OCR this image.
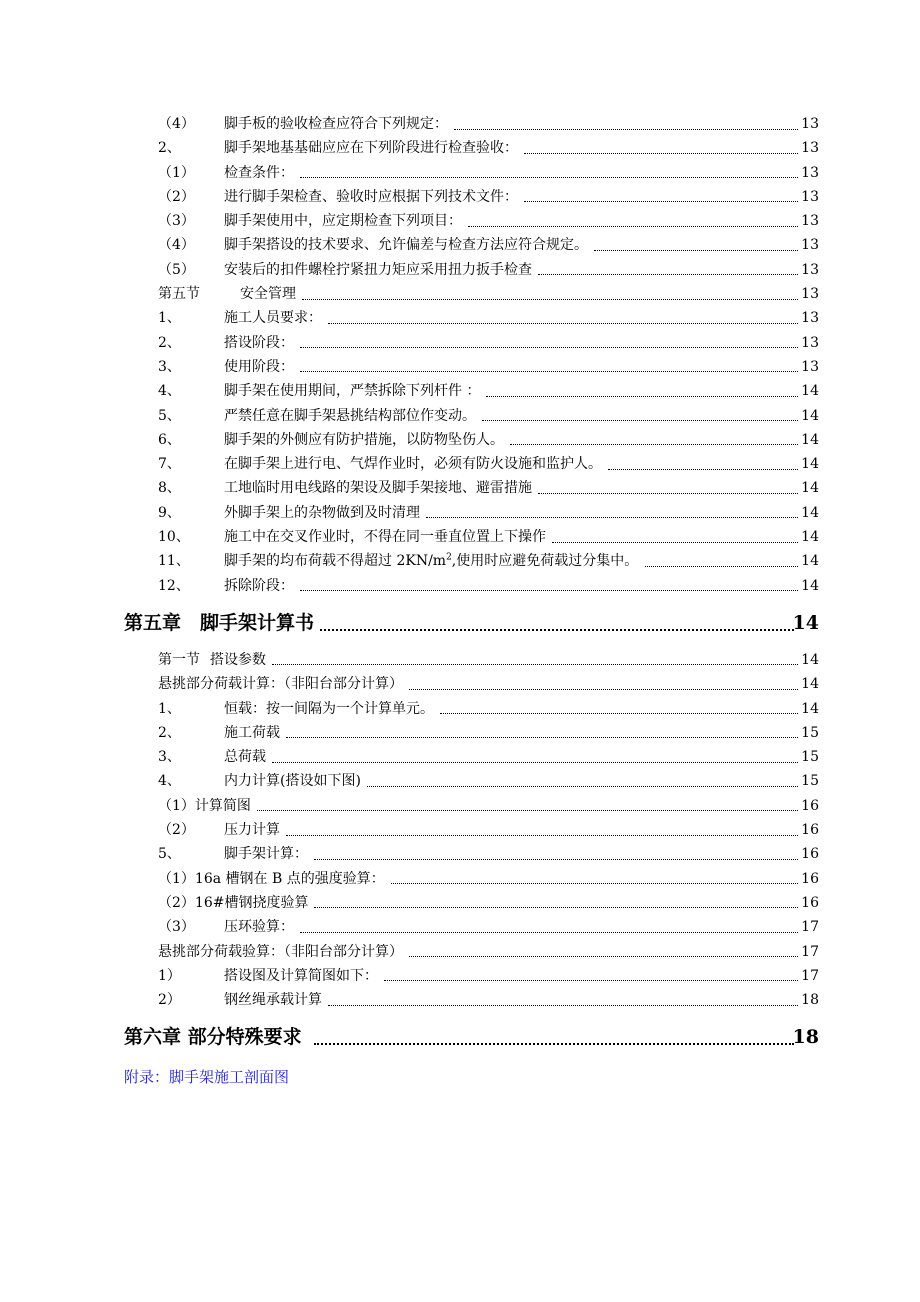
（4） 脚手板的验收检查应符合下列规定：	13
2、	脚手架地基基础应应在下列阶段进行检查验收：	13
（1） 检查条件：	13
（2） 进行脚手架检查、验收时应根据下列技术文件：	13
（3） 脚手架使用中，应定期检查下列项目：	13
（4） 脚手架搭设的技术要求、允许偏差与检查方法应符合规定。	13
（5） 安装后的扣件螺栓拧紧扭力矩应采用扭力扳手检查	13
第五节	安全管理	13
1、	施工人员要求：	13
2、	搭设阶段：	13
3、	使用阶段：	13
4、	脚手架在使用期间，严禁拆除下列杆件 ：	14
5、	严禁任意在脚手架悬挑结构部位作变动。	14
6、	脚手架的外侧应有防护措施，以防物坠伤人。	14
7、	在脚手架上进行电、气焊作业时，必须有防火设施和监护人。	14
8、	工地临时用电线路的架设及脚手架接地、避雷措施	14
9、	外脚手架上的杂物做到及时清理	14
10、 施工中在交叉作业时，不得在同一垂直位置上下操作	14
11、 脚手架的均布荷载不得超过 $2KN/m^2$,使用时应避免荷载过分集中。	14
12、 拆除阶段：	14
第五章　脚手架计算书	14
第一节 搭设参数	14
悬挑部分荷载计算：（非阳台部分计算）	14
1、	恒载：按一间隔为一个计算单元。	14
2、	施工荷载	15
3、	总荷载	15
4、	内力计算(搭设如下图)	15
（1）计算简图	16
（2） 压力计算	16
5、	脚手架计算：	16
（1）16a 槽钢在 B 点的强度验算：	16
（2）16#槽钢挠度验算	16
（3） 压环验算：	17
悬挑部分荷载验算：（非阳台部分计算）	17
1）	搭设图及计算简图如下：	17
2）	钢丝绳承载计算	18
第六章 部分特殊要求	18
附录：脚手架施工剖面图
